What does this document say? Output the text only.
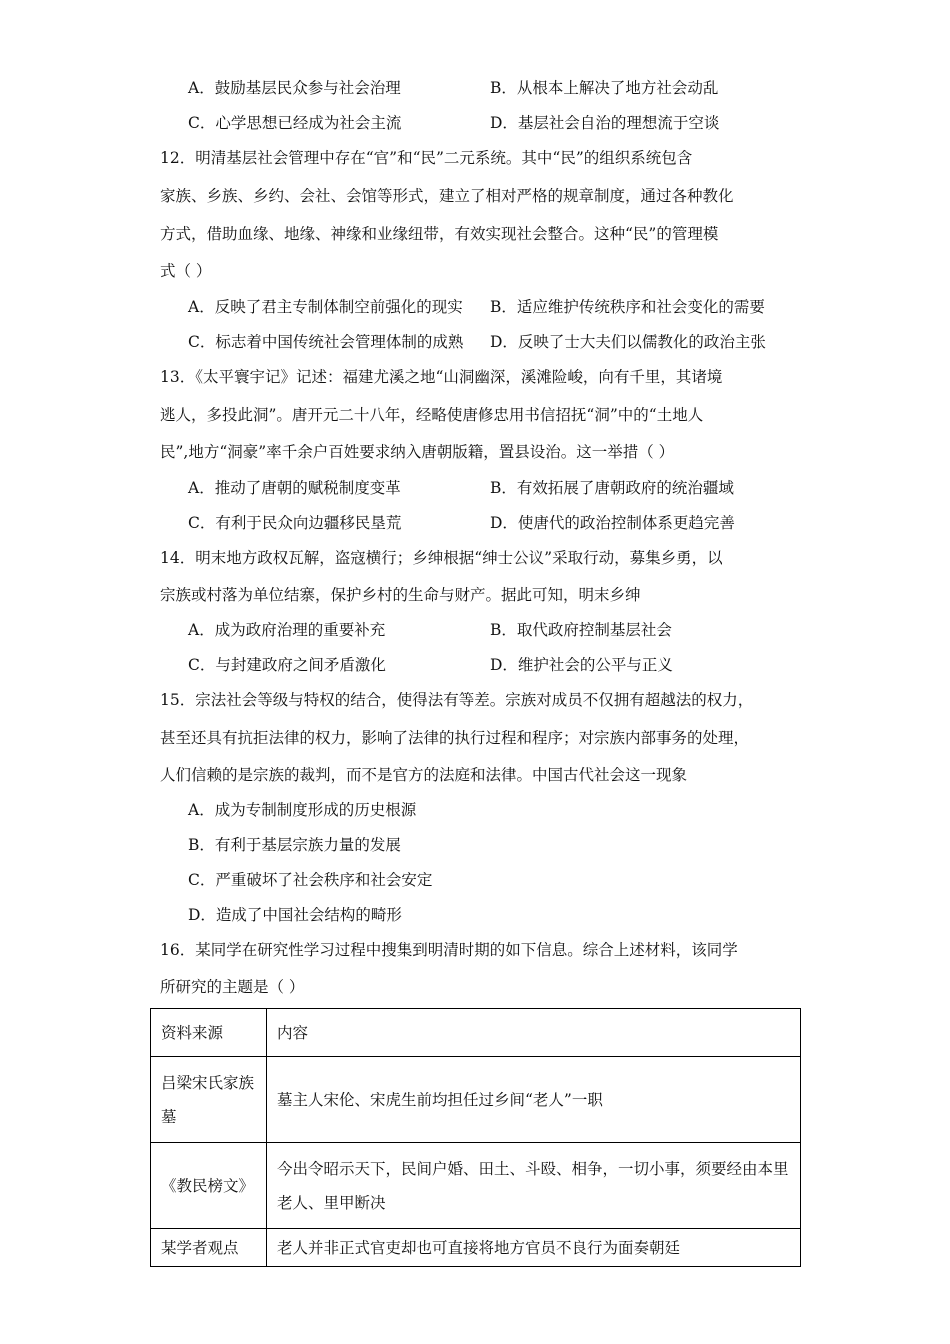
A．鼓励基层民众参与社会治理	B．从根本上解决了地方社会动乱
C．心学思想已经成为社会主流	D．基层社会自治的理想流于空谈
12．明清基层社会管理中存在“官”和“民”二元系统。其中“民”的组织系统包含
家族、乡族、乡约、会社、会馆等形式，建立了相对严格的规章制度，通过各种教化
方式，借助血缘、地缘、神缘和业缘纽带，有效实现社会整合。这种“民”的管理模
式（ ）
A．反映了君主专制体制空前强化的现实 B．适应维护传统秩序和社会变化的需要
C．标志着中国传统社会管理体制的成熟 D．反映了士大夫们以儒教化的政治主张
13．《太平寰宇记》记述：福建尤溪之地“山洞幽深，溪滩险峻，向有千里，其诸境
逃人，多投此洞”。唐开元二十八年，经略使唐修忠用书信招抚“洞”中的“土地人
民”,地方“洞豪”率千余户百姓要求纳入唐朝版籍，置县设治。这一举措（ ）
A．推动了唐朝的赋税制度变革	B．有效拓展了唐朝政府的统治疆域
C．有利于民众向边疆移民垦荒	D．使唐代的政治控制体系更趋完善
14．明末地方政权瓦解，盗寇横行；乡绅根据“绅士公议”采取行动，募集乡勇，以
宗族或村落为单位结寨，保护乡村的生命与财产。据此可知，明末乡绅
A．成为政府治理的重要补充	B．取代政府控制基层社会
C．与封建政府之间矛盾激化	D．维护社会的公平与正义
15．宗法社会等级与特权的结合，使得法有等差。宗族对成员不仅拥有超越法的权力，
甚至还具有抗拒法律的权力，影响了法律的执行过程和程序；对宗族内部事务的处理，
人们信赖的是宗族的裁判，而不是官方的法庭和法律。中国古代社会这一现象
A．成为专制制度形成的历史根源
B．有利于基层宗族力量的发展
C．严重破坏了社会秩序和社会安定
D．造成了中国社会结构的畸形
16．某同学在研究性学习过程中搜集到明清时期的如下信息。综合上述材料，该同学
所研究的主题是（ ）
资料来源	内容
吕梁宋氏家族墓	墓主人宋伦、宋虎生前均担任过乡间“老人”一职
《教民榜文》	今出令昭示天下，民间户婚、田土、斗殴、相争，一切小事，须要经由本里老人、里甲断决
某学者观点	老人并非正式官吏却也可直接将地方官员不良行为面奏朝廷
